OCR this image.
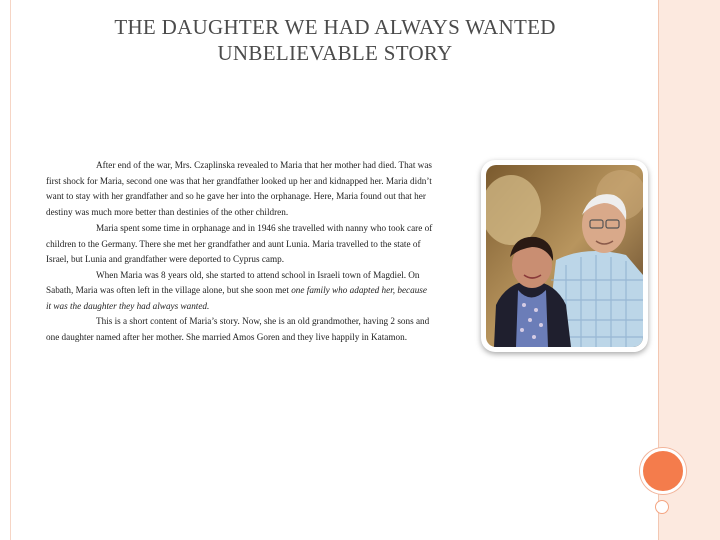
THE DAUGHTER WE HAD ALWAYS WANTED
UNBELIEVABLE STORY

After end of the war, Mrs. Czaplinska revealed to Maria that her mother had died. That was first shock for Maria, second one was that her grandfather looked up her and kidnapped her. Maria didn’t want to stay with her grandfather and so he gave her into the orphanage. Here, Maria found out that her destiny was much more better than destinies of the other children.

Maria spent some time in orphanage and in 1946 she travelled with nanny who took care of children to the Germany. There she met her grandfather and aunt Lunia. Maria travelled to the state of Israel, but Lunia and grandfather were deported to Cyprus camp.

When Maria was 8 years old, she started to attend school in Israeli town of Magdiel. On Sabath, Maria was often left in the village alone, but she soon met one family who adapted her, because it was the daughter they had always wanted.

This is a short content of Maria’s story. Now, she is an old grandmother, having 2 sons and one daughter named after her mother. She married Amos Goren and they live happily in Katamon.
